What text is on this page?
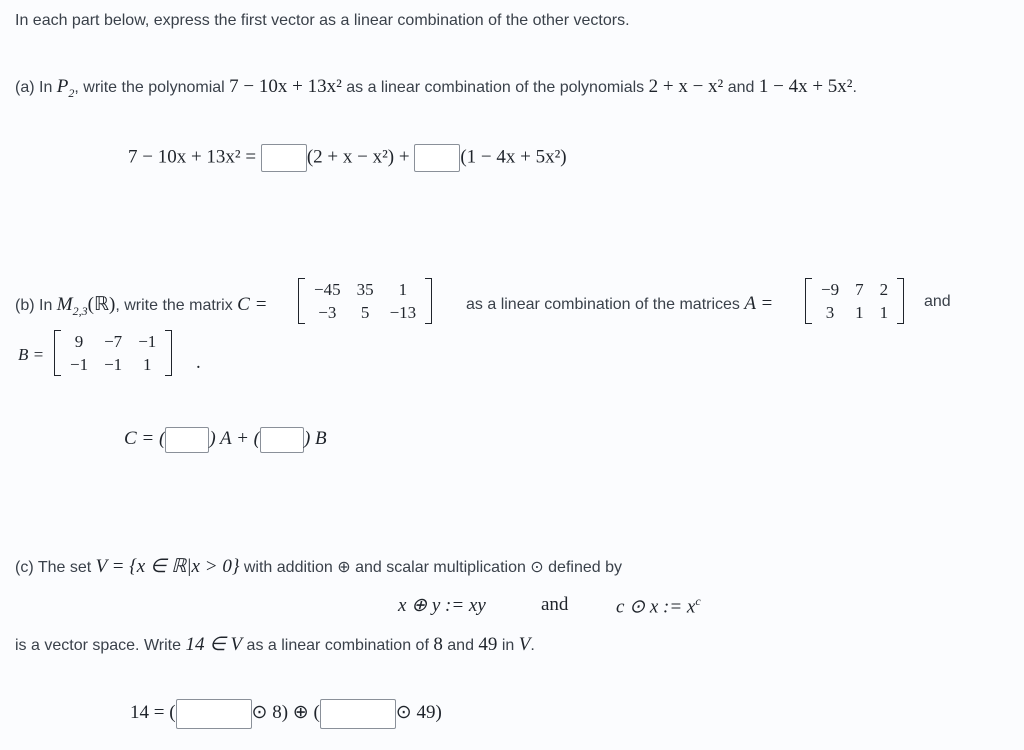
In each part below, express the first vector as a linear combination of the other vectors.
(a) In $P_2$, write the polynomial 7 − 10x + 13x² as a linear combination of the polynomials 2 + x − x² and 1 − 4x + 5x².
7 − 10x + 13x² =	(2 + x − x²) +	(1 − 4x + 5x²)
(b) In $M_{2,3}(ℝ)$, write the matrix C =
−45	35	1
−3	5	−13	as a linear combination of the matrices A =
−9	7	2
3	1	1
and
B =
9	−7	−1
−1	−1	1 .
C = ( ) A + ( ) B
(c) The set V = {x ∈ ℝ|x > 0} with addition ⊕ and scalar multiplication ⊙ defined by
x ⊕ y := xy	and	c ⊙ x := $x^c$
is a vector space. Write 14 ∈ V as a linear combination of 8 and 49 in V.
14 = (	⊙ 8) ⊕ (	⊙ 49)
